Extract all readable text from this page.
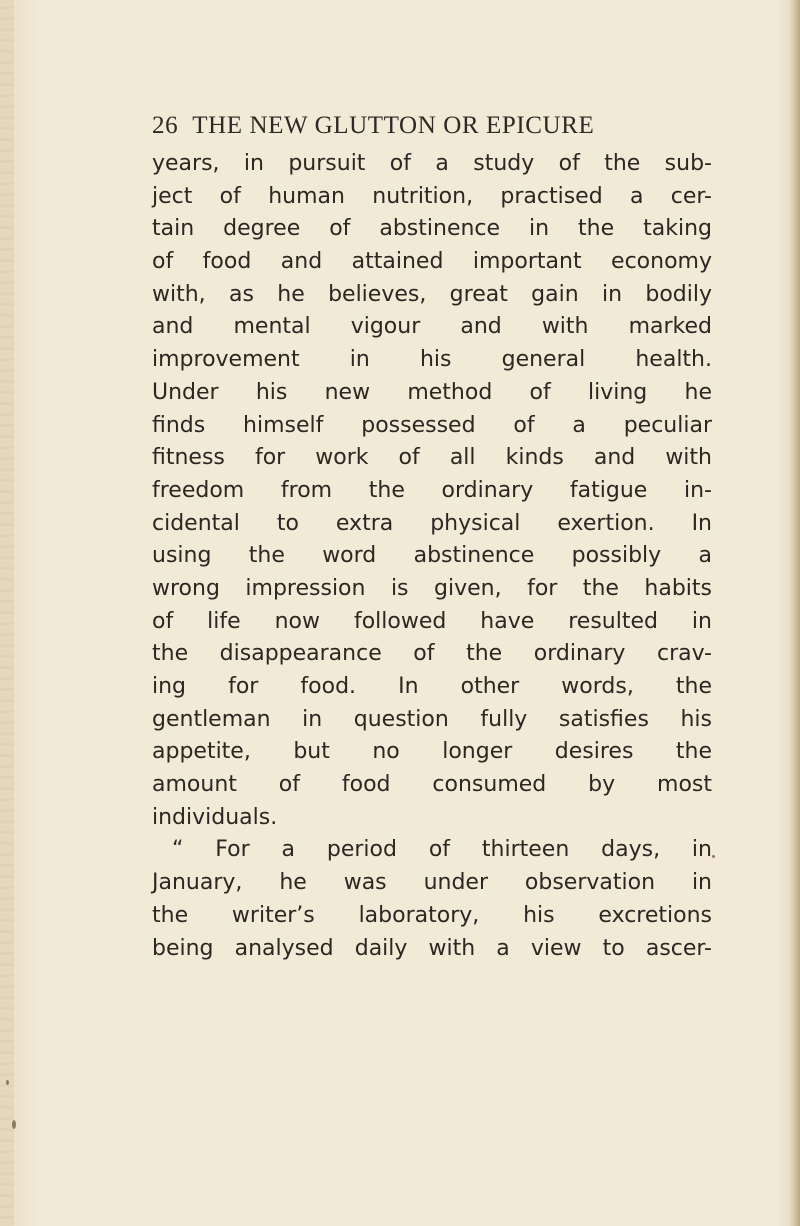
26 THE NEW GLUTTON OR EPICURE
years, in pursuit of a study of the sub-
ject of human nutrition, practised a cer-
tain degree of abstinence in the taking
of food and attained important economy
with, as he believes, great gain in bodily
and mental vigour and with marked
improvement in his general health.
Under his new method of living he
finds himself possessed of a peculiar
fitness for work of all kinds and with
freedom from the ordinary fatigue in-
cidental to extra physical exertion. In
using the word abstinence possibly a
wrong impression is given, for the habits
of life now followed have resulted in
the disappearance of the ordinary crav-
ing for food. In other words, the
gentleman in question fully satisfies his
appetite, but no longer desires the
amount of food consumed by most
individuals.
“ For a period of thirteen days, in
January, he was under observation in
the writer’s laboratory, his excretions
being analysed daily with a view to ascer-
